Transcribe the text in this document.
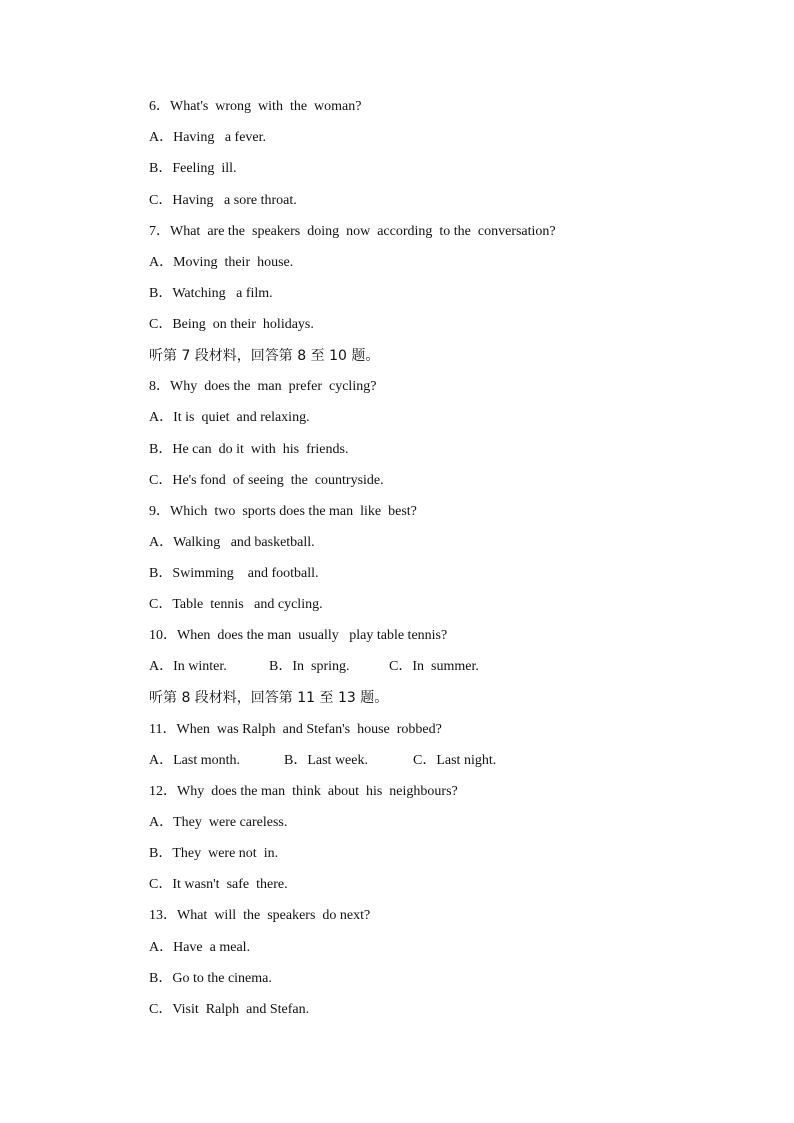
6．What's  wrong  with  the  woman?
A．Having   a fever.
B．Feeling  ill.
C．Having   a sore throat.
7．What  are the  speakers  doing  now  according  to the  conversation?
A．Moving  their  house.
B．Watching   a film.
C．Being  on their  holidays.
听第 7 段材料，回答第 8 至 10 题。
8．Why  does the  man  prefer  cycling?
A．It is  quiet  and relaxing.
B．He can  do it  with  his  friends.
C．He's fond  of seeing  the  countryside.
9．Which  two  sports does the man  like  best?
A．Walking   and basketball.
B．Swimming    and football.
C．Table  tennis   and cycling.
10．When  does the man  usually   play table tennis?

A．In winter.

	B．In  spring.

	C．In  summer.

听第 8 段材料，回答第 11 至 13 题。
11．When  was Ralph  and Stefan's  house  robbed?

A．Last month.

	B．Last week.

	C．Last night.

12．Why  does the man  think  about  his  neighbours?
A．They  were careless.
B．They  were not  in.
C．It wasn't  safe  there.
13．What  will  the  speakers  do next?
A．Have  a meal.
B．Go to the cinema.
C．Visit  Ralph  and Stefan.
